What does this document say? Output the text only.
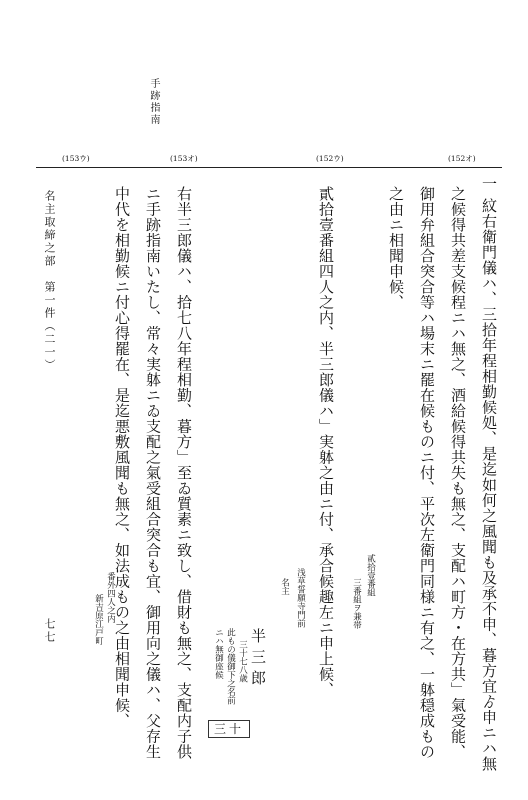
手跡指南
(153ウ)	(153オ)	(152ウ)	(152オ)
一
紋右衛門儀ハ、三拾年程相勤候処、是迄如何之風聞も及承不申、暮方宜ゟ申ニハ無
之候得共差支候程ニハ無之、酒給候得共失も無之、支配ハ町方・在方共」氣受能、
御用弁組合突合等ハ場末ニ罷在候ものニ付、平次左衛門同様ニ有之、一躰穏成もの
之由ニ相聞申候、
貳拾壹番組
三番組ヲ兼帯
貳拾壹番組四人之内、半三郎儀ハ」実躰之由ニ付、承合候趣左ニ申上候、
浅草誓願寺門前
名主
半三郎
三十七八歳
此もの儀御下之名前
ニハ無御座候
右半三郎儀ハ、拾七八年程相勤、暮方」至ゐ質素ニ致し、借財も無之、支配内子供
ニ手跡指南いたし、常々実躰ニゐ支配之氣受組合突合も宜、御用向之儀ハ、父存生
中代を相勤候ニ付心得罷在、是迄悪敷風聞も無之、如法成もの之由相聞申候、
新吉原江戸町 番外四人之内
名主取締之部　第一件（二一）
七七
三十
